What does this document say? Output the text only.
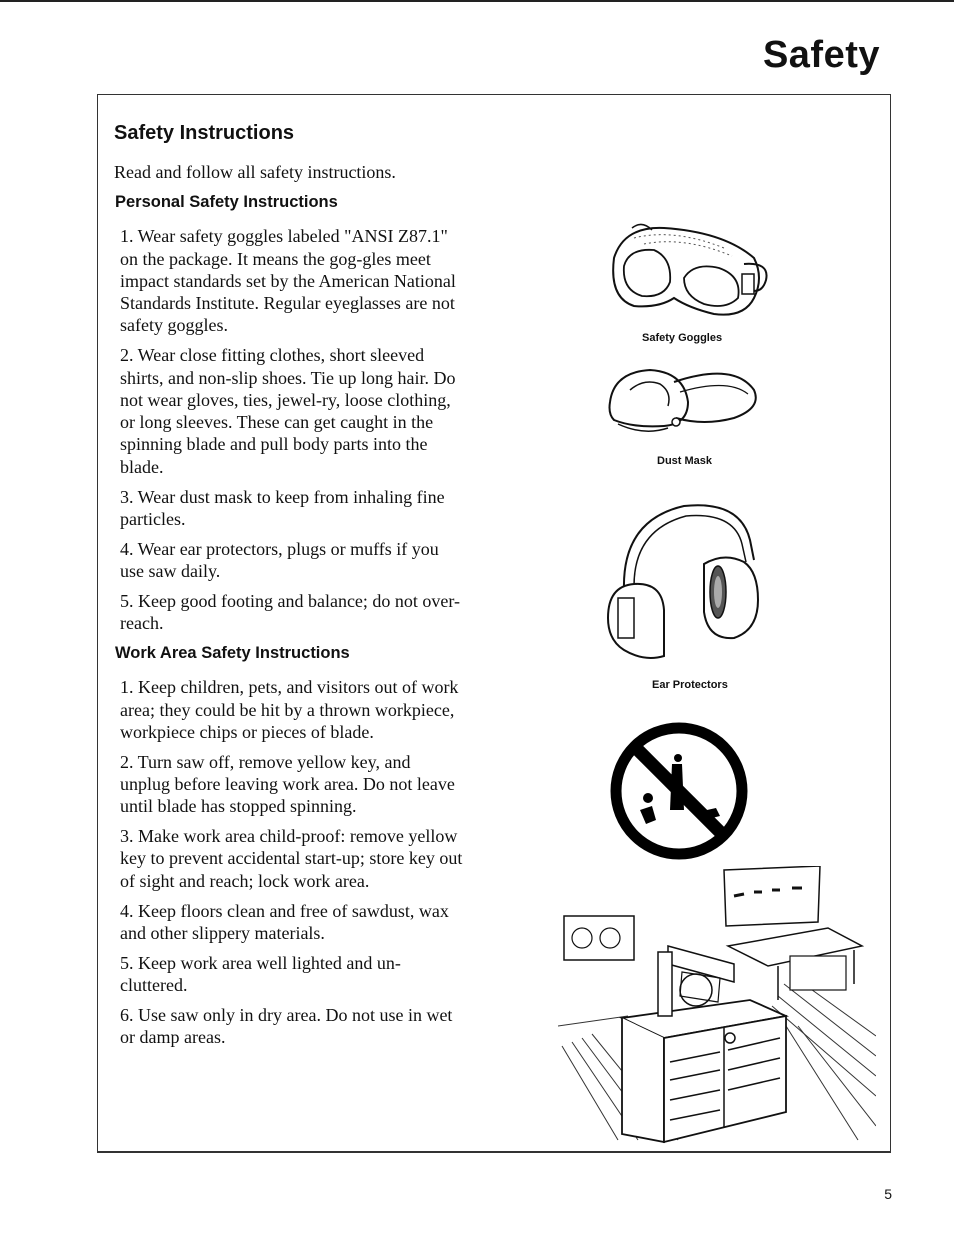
Safety
Safety Instructions

Read and follow all safety instructions.

Personal Safety Instructions
1. Wear safety goggles labeled "ANSI Z87.1" on the package. It means the gog-gles meet impact standards set by the American National Standards Institute. Regular eyeglasses are not safety goggles.
2. Wear close fitting clothes, short sleeved shirts, and non-slip shoes. Tie up long hair. Do not wear gloves, ties, jewel-ry, loose clothing, or long sleeves. These can get caught in the spinning blade and pull body parts into the blade.
3. Wear dust mask to keep from inhaling fine particles.
4. Wear ear protectors, plugs or muffs if you use saw daily.
5. Keep good footing and balance; do not over-reach.
Work Area Safety Instructions
1. Keep children, pets, and visitors out of work area; they could be hit by a thrown workpiece, workpiece chips or pieces of blade.
2. Turn saw off, remove yellow key, and unplug before leaving work area. Do not leave until blade has stopped spinning.
3. Make work area child-proof: remove yellow key to prevent accidental start-up; store key out of sight and reach; lock work area.
4. Keep floors clean and free of sawdust, wax and other slippery materials.
5. Keep work area well lighted and un-cluttered.
6. Use saw only in dry area. Do not use in wet or damp areas.
Safety Goggles
Dust Mask
Ear Protectors
5
